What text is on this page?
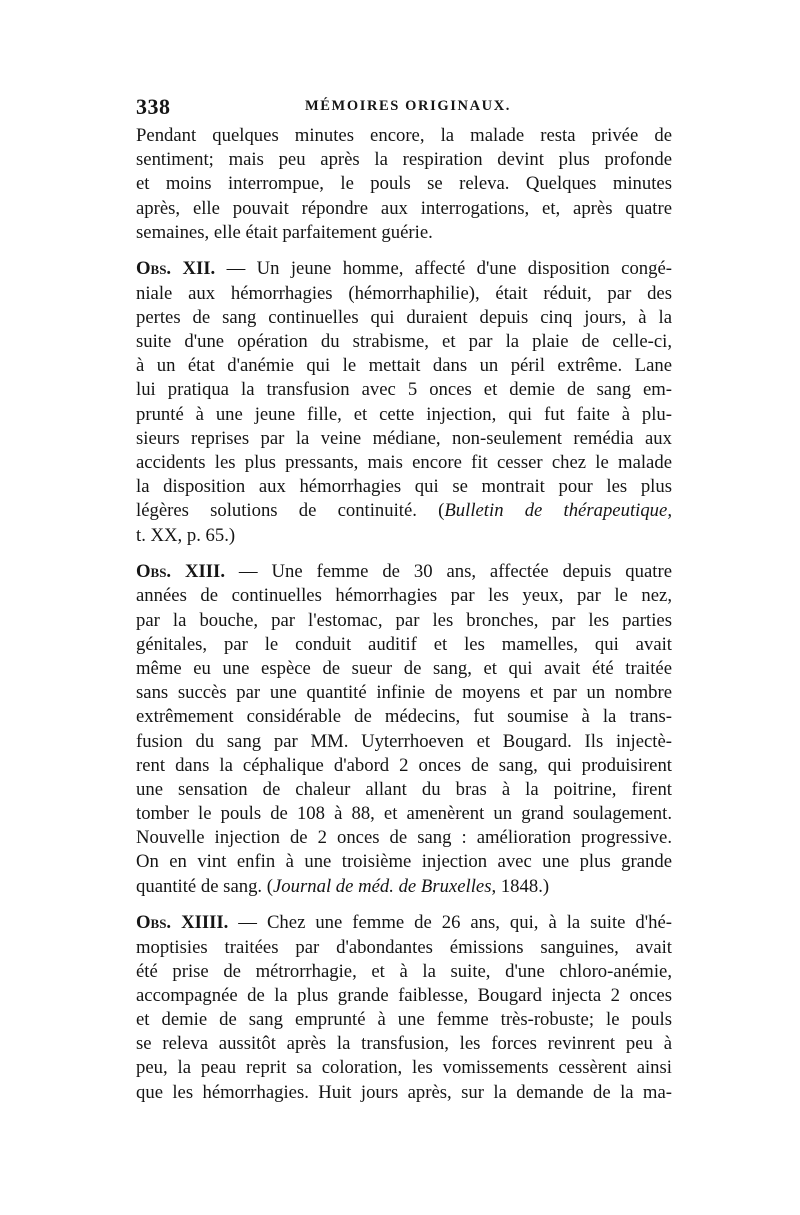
338	MÉMOIRES ORIGINAUX.
Pendant quelques minutes encore, la malade resta privée de
sentiment; mais peu après la respiration devint plus profonde
et moins interrompue, le pouls se releva. Quelques minutes
après, elle pouvait répondre aux interrogations, et, après quatre
semaines, elle était parfaitement guérie.
Obs. XII. — Un jeune homme, affecté d'une disposition congé-
niale aux hémorrhagies (hémorrhaphilie), était réduit, par des
pertes de sang continuelles qui duraient depuis cinq jours, à la
suite d'une opération du strabisme, et par la plaie de celle-ci,
à un état d'anémie qui le mettait dans un péril extrême. Lane
lui pratiqua la transfusion avec 5 onces et demie de sang em-
prunté à une jeune fille, et cette injection, qui fut faite à plu-
sieurs reprises par la veine médiane, non-seulement remédia aux
accidents les plus pressants, mais encore fit cesser chez le malade
la disposition aux hémorrhagies qui se montrait pour les plus
légères solutions de continuité. (Bulletin de thérapeutique,
t. XX, p. 65.)
Obs. XIII. — Une femme de 30 ans, affectée depuis quatre
années de continuelles hémorrhagies par les yeux, par le nez,
par la bouche, par l'estomac, par les bronches, par les parties
génitales, par le conduit auditif et les mamelles, qui avait
même eu une espèce de sueur de sang, et qui avait été traitée
sans succès par une quantité infinie de moyens et par un nombre
extrêmement considérable de médecins, fut soumise à la trans-
fusion du sang par MM. Uyterrhoeven et Bougard. Ils injectè-
rent dans la céphalique d'abord 2 onces de sang, qui produisirent
une sensation de chaleur allant du bras à la poitrine, firent
tomber le pouls de 108 à 88, et amenèrent un grand soulagement.
Nouvelle injection de 2 onces de sang : amélioration progressive.
On en vint enfin à une troisième injection avec une plus grande
quantité de sang. (Journal de méd. de Bruxelles, 1848.)
Obs. XIIII. — Chez une femme de 26 ans, qui, à la suite d'hé-
moptisies traitées par d'abondantes émissions sanguines, avait
été prise de métrorrhagie, et à la suite, d'une chloro-anémie,
accompagnée de la plus grande faiblesse, Bougard injecta 2 onces
et demie de sang emprunté à une femme très-robuste; le pouls
se releva aussitôt après la transfusion, les forces revinrent peu à
peu, la peau reprit sa coloration, les vomissements cessèrent ainsi
que les hémorrhagies. Huit jours après, sur la demande de la ma-
